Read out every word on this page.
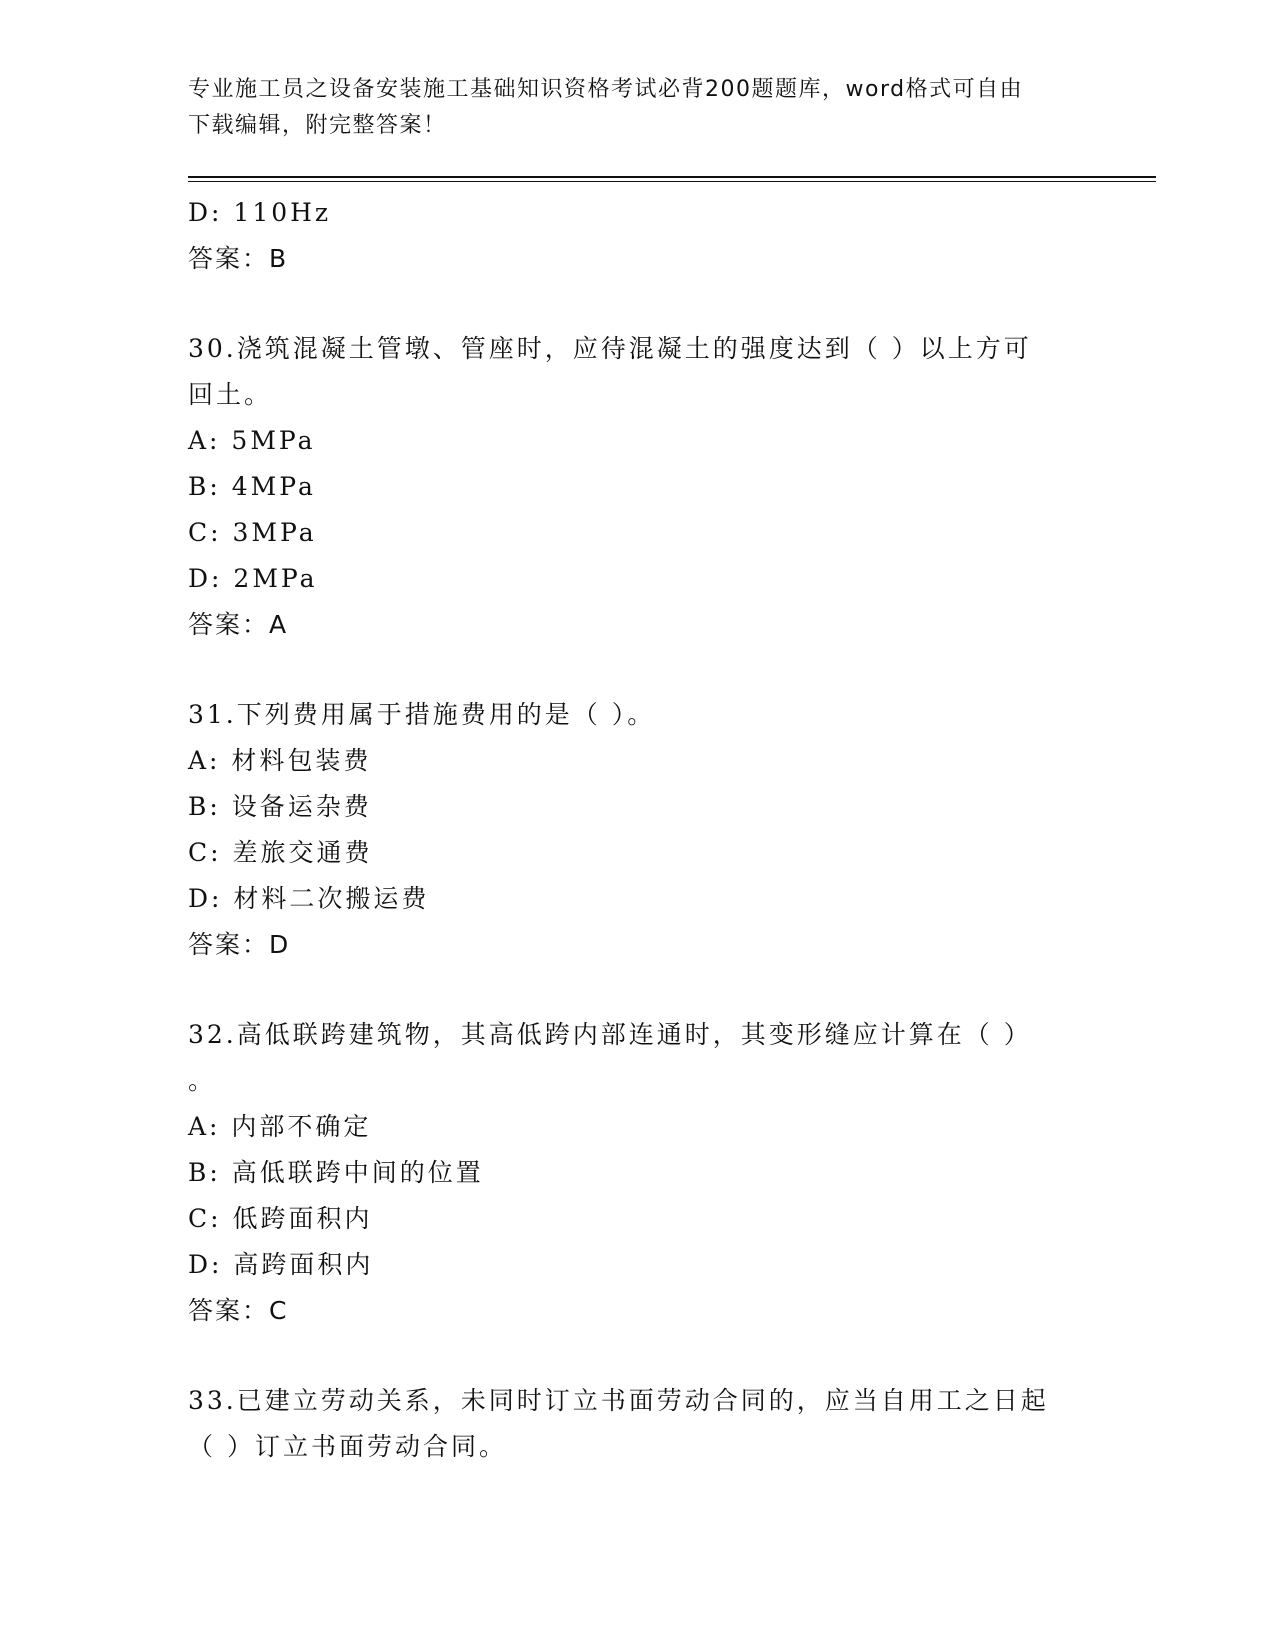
专业施工员之设备安装施工基础知识资格考试必背200题题库，word格式可自由
下载编辑，附完整答案！
D: 110Hz
答案：B
30.浇筑混凝土管墩、管座时，应待混凝土的强度达到（ ）以上方可
回土。
A: 5MPa
B: 4MPa
C: 3MPa
D: 2MPa
答案：A
31.下列费用属于措施费用的是（ ）。
A: 材料包装费
B: 设备运杂费
C: 差旅交通费
D: 材料二次搬运费
答案：D
32.高低联跨建筑物，其高低跨内部连通时，其变形缝应计算在（ ）
。
A: 内部不确定
B: 高低联跨中间的位置
C: 低跨面积内
D: 高跨面积内
答案：C
33.已建立劳动关系，未同时订立书面劳动合同的，应当自用工之日起
（ ）订立书面劳动合同。
